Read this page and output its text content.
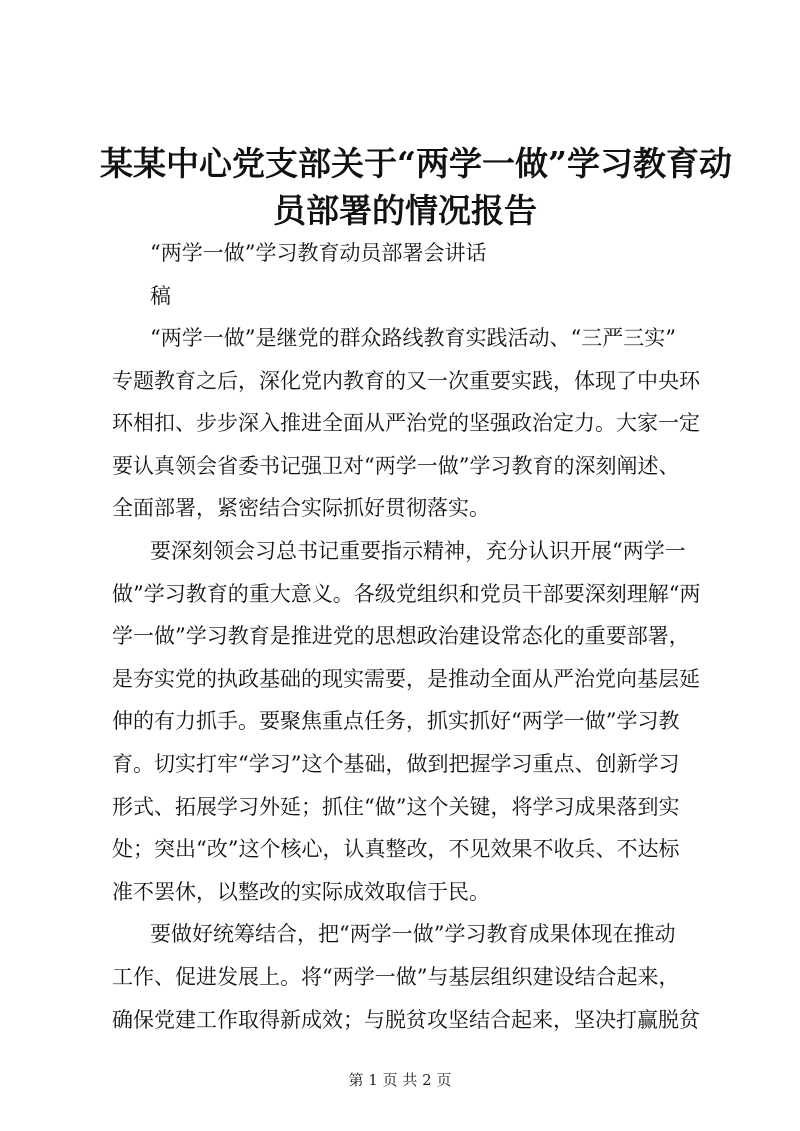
某某中心党支部关于“两学一做”学习教育动
员部署的情况报告
“两学一做”学习教育动员部署会讲话
稿

“两学一做”是继党的群众路线教育实践活动、“三严三实”
专题教育之后，深化党内教育的又一次重要实践，体现了中央环
环相扣、步步深入推进全面从严治党的坚强政治定力。大家一定
要认真领会省委书记强卫对“两学一做”学习教育的深刻阐述、
全面部署，紧密结合实际抓好贯彻落实。

要深刻领会习总书记重要指示精神，充分认识开展“两学一
做”学习教育的重大意义。各级党组织和党员干部要深刻理解“两
学一做”学习教育是推进党的思想政治建设常态化的重要部署，
是夯实党的执政基础的现实需要，是推动全面从严治党向基层延
伸的有力抓手。要聚焦重点任务，抓实抓好“两学一做”学习教
育。切实打牢“学习”这个基础，做到把握学习重点、创新学习
形式、拓展学习外延；抓住“做”这个关键，将学习成果落到实
处；突出“改”这个核心，认真整改，不见效果不收兵、不达标
准不罢休，以整改的实际成效取信于民。

要做好统筹结合，把“两学一做”学习教育成果体现在推动
工作、促进发展上。将“两学一做”与基层组织建设结合起来，
确保党建工作取得新成效；与脱贫攻坚结合起来，坚决打赢脱贫

第 1 页 共 2 页
